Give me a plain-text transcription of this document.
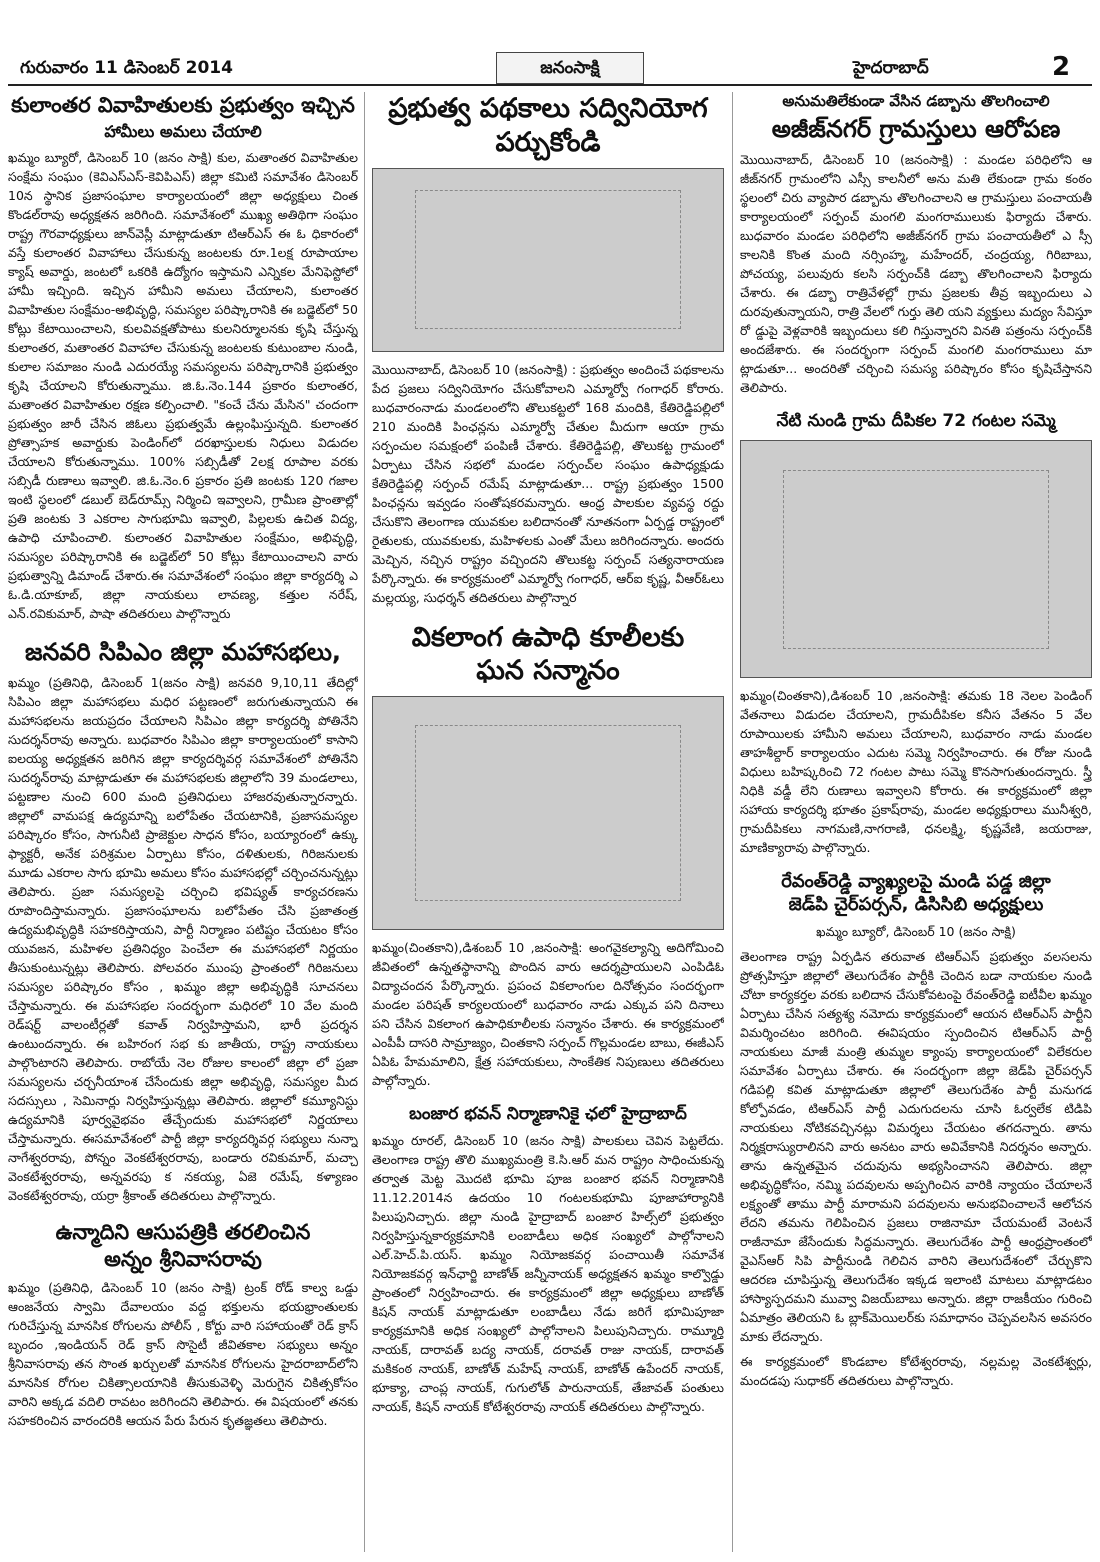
గురువారం 11 డిసెంబర్ 2014	జనంసాక్షి	హైదరాబాద్	2
కులాంతర వివాహితులకు ప్రభుత్వం ఇచ్చిన
హామీలు అమలు చేయాలి

ఖమ్మం బ్యూరో, డిసెంబర్ 10 (జనం సాక్షి) కుల, మతాంతర వివాహితుల సంక్షేమ సంఘం (కెవిఎస్ఎస్-కెవిపిఎస్) జిల్లా కమిటి సమావేశం డిసెంబర్ 10న స్థానిక ప్రజాసంఘాల కార్యాలయంలో జిల్లా అధ్యక్షులు చింత కొండల్‌రావు అధ్యక్షతన జరిగింది. సమావేశంలో ముఖ్య అతిథిగా సంఘం రాష్ట్ర గౌరవాధ్యక్షులు జాన్‌వెస్లీ మాట్లాడుతూ టిఆర్ఎస్ ఈ ఓ ధికారంలో వస్తే కులాంతర వివాహాలు చేసుకున్న జంటలకు రూ.1లక్ష రూపాయాల క్యాష్ అవార్డు, జంటలో ఒకరికి ఉద్యోగం ఇస్తామని ఎన్నికల మేనిఫెస్టోలో హామీ ఇచ్చింది. ఇచ్చిన హామీని అమలు చేయాలని, కులాంతర వివాహితుల సంక్షేమం-అభివృద్ధి, సమస్యల పరిష్కారానికి ఈ బడ్జెట్‌లో 50 కోట్లు కేటాయించాలని, కులవివక్షతోపాటు కులనిర్మూలనకు కృషి చేస్తున్న కులాంతర, మతాంతర వివాహాల చేసుకున్న జంటలకు కుటుంబాల నుండి, కులాల సమాజం నుండి ఎదురయ్యే సమస్యలను పరిష్కారానికి ప్రభుత్వం కృషి చేయాలని కోరుతున్నాము. జి.ఓ.నెం.144 ప్రకారం కులాంతర, మతాంతర వివాహితుల రక్షణ కల్పించాలి. "కంచే చేను మేసిన" చందంగా ప్రభుత్వం జారీ చేసిన జిఓలు ప్రభుత్వమే ఉల్లంఘిస్తున్నది. కులాంతర ప్రోత్సాహక అవార్డుకు పెండింగ్‌లో దరఖాస్తులకు నిధులు విడుదల చేయాలని కోరుతున్నాము. 100% సబ్సిడీతో 2లక్ష రూపాల వరకు సబ్సిడీ రుణాలు ఇవ్వాలి. జి.ఓ.నెం.6 ప్రకారం ప్రతి జంటకు 120 గజాల ఇంటి స్థలంలో డబుల్ బెడ్‌రూమ్స్ నిర్మించి ఇవ్వాలని, గ్రామీణ ప్రాంతాల్లో ప్రతి జంటకు 3 ఎకరాల సాగుభూమి ఇవ్వాలి, పిల్లలకు ఉచిత విద్య, ఉపాధి చూపించాలి. కులాంతర వివాహితుల సంక్షేమం, అభివృద్ధి, సమస్యల పరిష్కారానికి ఈ బడ్జెట్‌లో 50 కోట్లు కేటాయించాలని వారు ప్రభుత్వాన్ని డిమాండ్ చేశారు.ఈ సమావేశంలో సంఘం జిల్లా కార్యదర్శి ఎ ఓ.డి.యాకూబ్, జిల్లా నాయకులు లావణ్య, కత్తుల నరేష్, ఎన్.రవికుమార్, పాషా తదితరులు పాల్గొన్నారు

జనవరి సిపిఎం జిల్లా మహాసభలు,

ఖమ్మం (ప్రతినిధి, డిసెంబర్ 1(జనం సాక్షి) జనవరి 9,10,11 తేదిల్లో సిపిఎం జిల్లా మహాసభలు మధిర పట్టణంలో జరుగుతున్నాయని ఈ మహాసభలను జయప్రదం చేయాలని సిపిఎం జిల్లా కార్యదర్శి పోతినేని సుదర్శన్‌రావు అన్నారు. బుధవారం సిపిఎం జిల్లా కార్యాలయంలో కాసాని ఐలయ్య అధ్యక్షతన జరిగిన జిల్లా కార్యదర్శివర్గ సమావేశంలో పోతినేని సుదర్శన్‌రావు మాట్లాడుతూ ఈ మహాసభలకు జిల్లాలోని 39 మండలాలు, పట్టణాల నుంచి 600 మంది ప్రతినిధులు హాజరవుతున్నారన్నారు. జిల్లాలో వామపక్ష ఉద్యమాన్ని బలోపేతం చేయటానికి, ప్రజాసమస్యల పరిష్కారం కోసం, సాగునీటి ప్రాజెక్టుల సాధన కోసం, బయ్యారంలో ఉక్కు ఫ్యాక్టరీ, అనేక పరిశ్రమల ఏర్పాటు కోసం, దళితులకు, గిరిజనులకు మూడు ఎకరాల సాగు భూమి అమలు కోసం మహాసభల్లో చర్చించనున్నట్లు తెలిపారు. ప్రజా సమస్యలపై చర్చించి భవిష్యత్ కార్యచరణను రూపొందిస్తామన్నారు. ప్రజాసంఘాలను బలోపేతం చేసి ప్రజాతంత్ర ఉద్యమభివృద్ధికి సహకరిస్తాయని, పార్టీ నిర్మాణం పటిష్టం చేయటం కోసం యువజన, మహిళల ప్రతినిధ్యం పెంచేలా ఈ మహాసభలో నిర్ణయం తీసుకుంటున్నట్లు తెలిపారు. పోలవరం ముంపు ప్రాంతంలో గిరిజనులు సమస్యల పరిష్కారం కోసం , ఖమ్మం జిల్లా అభివృద్ధికి సూచనలు చేస్తామన్నారు. ఈ మహాసభల సందర్భంగా మధిరలో 10 వేల మంది రెడ్‌షర్ట్ వాలంటీర్లతో కవాత్ నిర్వహిస్తామని, భారీ ప్రదర్శన ఉంటుందన్నారు. ఈ బహిరంగ సభ కు జాతీయ, రాష్ట్ర నాయకులు పాల్గొంటారని తెలిపారు. రాబోయే నెల రోజుల కాలంలో జిల్లా లో ప్రజా సమస్యలను చర్చనీయాంశ చేసేందుకు జిల్లా అభివృద్ధి, సమస్యల మీద సదస్సులు , సెమినార్లు నిర్వహిస్తున్నట్లు తెలిపారు. జిల్లాలో కమ్యూనిస్టు ఉద్యమానికి పూర్వవైభవం తేచ్చేందుకు మహాసభలో నిర్ణయాలు చేస్తామన్నారు. ఈసమావేశంలో పార్టీ జిల్లా కార్యదర్శివర్గ సభ్యులు నున్నా నాగేశ్వరరావు, పోన్నం వెంకటేశ్వరరావు, బండారు రవికుమార్, మచ్చా వెంకటేశ్వరరావు, అన్నవరపు క నకయ్య, ఏజె రమేష్, కళ్యాణం వెంకటేశ్వరరావు, యర్రా శ్రీకాంత్ తదితరులు పాల్గొన్నారు.

ఉన్మాదిని ఆసుపత్రికి తరలించిన
అన్నం శ్రీనివాసరావు

ఖమ్మం (ప్రతినిధి, డిసెంబర్ 10 (జనం సాక్షి) ట్రంక్ రోడ్ కాల్వ ఒడ్డు ఆంజనేయ స్వామి దేవాలయం వద్ద భక్తులను భయభ్రాంతులకు గురిచేస్తున్న మానసిక రోగులను పోలీస్ , కోర్టు వారి సహాయంతో రెడ్ క్రాస్ బృందం ,ఇండియన్ రెడ్ క్రాస్ సొసైటీ జీవితకాల సభ్యులు అన్నం శ్రీనివాసరావు తన సొంత ఖర్చులతో మానసిక రోగులను హైదరాబాద్‌లోని మానసిక రోగుల చికిత్సాలయానికి తీసుకువెళ్ళి మెరుగైన చికిత్సకోసం వారిని అక్కడ వదిలి రావటం జరిగిందని తెలిపారు. ఈ విషయంలో తనకు సహకరించిన వారందరికి ఆయన పేరు పేరున కృతజ్ఞతలు తెలిపారు.

ప్రభుత్వ పథకాలు సద్వినియోగ
పర్చుకోండి

మొయినాబాద్, డిసెంబర్ 10 (జనంసాక్షి) : ప్రభుత్వం అందించే పథకాలను పేద ప్రజలు సద్వినియోగం చేసుకోవాలని ఎమ్మార్వో గంగాధర్ కోరారు. బుధవారంనాడు మండలంలోని తొలుకట్టలో 168 మందికి, కేతిరెడ్డిపల్లిలో 210 మందికి పింఛన్లను ఎమ్మార్వో చేతుల మీదుగా ఆయా గ్రామ సర్పంచుల సమక్షంలో పంపిణీ చేశారు. కేతిరెడ్డిపల్లి, తొలుకట్ట గ్రామంలో ఏర్పాటు చేసిన సభలో మండల సర్పంచ్‌ల సంఘం ఉపాధ్యక్షుడు కేతిరెడ్డిపల్లి సర్పంచ్ రమేష్ మాట్లాడుతూ... రాష్ట్ర ప్రభుత్వం 1500 పింఛన్లను ఇవ్వడం సంతోషకరమన్నారు. ఆంధ్ర పాలకుల వ్యవస్థ రద్దు చేసుకొని తెలంగాణ యువకుల బలిదానంతో నూతనంగా ఏర్పడ్డ రాష్ట్రంలో రైతులకు, యువకులకు, మహిళలకు ఎంతో మేలు జరిగిందన్నారు. అందరు మెచ్చిన, నచ్చిన రాష్ట్రం వచ్చిందని తొలుకట్ట సర్పంచ్ సత్యనారాయణ పేర్కొన్నారు. ఈ కార్యక్రమంలో ఎమ్మార్వో గంగాధర్, ఆర్‌ఐ కృష్ణ, వీఆర్‌ఓలు మల్లయ్య, సుధర్శన్ తదితరులు పాల్గొన్నార

వికలాంగ ఉపాధి కూలీలకు
ఘన సన్మానం

ఖమ్మం(చింతకాని),డిశంబర్ 10 ,జనంసాక్షి: అంగవైకల్యాన్ని అదిగోమించి జీవితంలో ఉన్నతస్థానాన్ని పొందిన వారు ఆదర్శప్రాయులని ఎంపిడిఓ విద్యాచందన పేర్కొన్నారు. ప్రపంచ వికలాంగుల దినోత్సవం సందర్భంగా మండల పరిషత్ కార్యలయంలో బుధవారం నాడు ఎక్కువ పని దినాలు పని చేసిన వికలాంగ ఉపాధికూలీలకు సన్మానం చేశారు. ఈ కార్యక్రమంలో ఎంపీపీ దాసరి సామ్రాజ్యం, చింతకాని సర్పంచ్ గొల్లమండల బాబు, ఈజీఎస్ ఏపిఓ హేమమాలిని, క్షేత్ర సహాయకులు, సాంకేతిక నిపుణులు తదితరులు పాల్గోన్నారు.

బంజార భవన్ నిర్మాణానికై ఛలో హైద్రాబాద్

ఖమ్మం రూరల్, డిసెంబర్ 10 (జనం సాక్షి) పాలకులు చెవిన పెట్టలేదు. తెలంగాణ రాష్ట్ర తొలి ముఖ్యమంత్రి కె.సి.ఆర్ మన రాష్ట్రం సాధించుకున్న తర్వాత మెట్ట మొదటి భూమి పూజ బంజార భవన్ నిర్మాణానికి 11.12.2014న ఉదయం 10 గంటలకుభూమి పూజాహార్యానికి పిలుపునిచ్చారు. జిల్లా నుండి హైద్రాబాద్ బంజార హిల్స్‌లో ప్రభుత్వం నిర్వహిస్తున్నకార్యక్రమానికి లంబాడీలు అధిక సంఖ్యలో పాల్గోనాలని ఎల్.హెచ్.పి.యస్. ఖమ్మం నియోజకవర్గ పంచాయితీ సమావేశ నియోజకవర్గ ఇన్‌ఛార్జి బాణోత్ జన్నీనాయక్ అధ్యక్షతన ఖమ్మం కాల్వొడ్డు ప్రాంతంలో నిర్వహించారు. ఈ కార్యక్రమంలో జిల్లా అధ్యక్షులు బాణోత్ కిషన్ నాయక్ మాట్లాడుతూ లంబాడీలు నేడు జరిగే భూమిపూజా కార్యక్రమానికి అధిక సంఖ్యలో పాల్గోనాలని పిలుపునిచ్చారు. రామ్మూర్తి నాయక్, దారావత్ బద్య నాయక్, దరావత్ రాజు నాయక్, దారావత్ మకికంఠ నాయక్, బాణోత్ మహేష్ నాయక్, బాణోత్ ఉపేందర్ నాయక్, భూక్యా, చాంప్ల నాయక్, గుగులోత్ పారునాయక్, తేజావత్ పంతులు నాయక్, కిషన్ నాయక్ కోటేశ్వరరావు నాయక్ తదితరులు పాల్గొన్నారు.

అనుమతిలేకుండా వేసిన డబ్బాను తొలగించాలి
అజీజ్‌నగర్ గ్రామస్తులు ఆరోపణ

మొయినాబాద్, డిసెంబర్ 10 (జనంసాక్షి) : మండల పరిధిలోని ఆ జీజ్‌నగర్ గ్రామంలోని ఎస్సీ కాలనీలో అను మతి లేకుండా గ్రామ కంఠం స్థలంలో చిరు వ్యాపార డబ్బాను తొలగించాలని ఆ గ్రామస్తులు పంచాయతీ కార్యాలయంలో సర్పంచ్ మంగలి మంగరాములుకు ఫిర్యాదు చేశారు. బుధవారం మండల పరిధిలోని అజీజ్‌నగర్ గ్రామ పంచాయతీలో ఎ స్సీ కాలనికి కొంత మంది నర్సింహ్మ, మహేందర్, చంద్రయ్య, గిరిబాబు, పోచయ్య, పలువురు కలసి సర్పంచ్‌కి డబ్బా తొలగించాలని ఫిర్యాదు చేశారు. ఈ డబ్బా రాత్రివేళల్లో గ్రామ ప్రజలకు తీవ్ర ఇబ్బందులు ఎ దురవుతున్నాయని, రాత్రి వేలలో గుర్తు తెలి యని వ్యక్తులు మద్యం సేవిస్తూ రో డ్డుపై వెళ్లవారికి ఇబ్బందులు కలి గిస్తున్నారని వినతి పత్రంను సర్పంచ్‌కి అందజేశారు. ఈ సందర్భంగా సర్పంచ్ మంగలి మంగరాములు మా ట్లాడుతూ... అందరితో చర్చించి సమస్య పరిష్కారం కోసం కృషిచేస్తానని తెలిపారు.

నేటి నుండి గ్రామ దీపికల 72 గంటల సమ్మె

ఖమ్మం(చింతకాని),డిశంబర్ 10 ,జనంసాక్షి: తమకు 18 నెలల పెండింగ్ వేతనాలు విడుదల చేయాలని, గ్రామదీపికల కనీస వేతనం 5 వేల రూపాయిలకు హామీని అమలు చేయాలని, బుధవారం నాడు మండల తాహశీల్దార్ కార్యాలయం ఎదుట సమ్మె నిర్వహించారు. ఈ రోజు నుండి విధులు బహిష్కరించి 72 గంటల పాటు సమ్మె కొనసాగుతుందన్నారు. స్త్రీ నిధికి వడ్డీ లేని రుణాలు ఇవ్వాలని కోరారు. ఈ కార్యక్రమంలో జిల్లా సహాయ కార్యదర్శి భూతం ప్రకాష్‌రావు, మండల అధ్యక్షురాలు మునీశ్వరి, గ్రామదీపికలు నాగమణి,నాగరాణి, ధనలక్ష్మి, కృష్ణవేణి, జయరాజు, మాణిక్యారావు పాల్గొన్నారు.

రేవంత్‌రెడ్డి వ్యాఖ్యలపై మండి పడ్డ జిల్లా
జెడ్‌పి చైర్‌పర్సన్, డిసిసిబి అధ్యక్షులు

ఖమ్మం బ్యూరో, డిసెంబర్ 10 (జనం సాక్షి)

తెలంగాణ రాష్ట్ర ఏర్పడిన తరువాత టిఆర్ఎస్ ప్రభుత్వం వలసలను ప్రోత్సహిస్తూ జిల్లాలో తెలుగుదేశం పార్టీకి చెందిన బడా నాయకుల నుండి చోటా కార్యకర్తల వరకు బలిదాన చేసుకోవటంపై రేవంత్‌రెడ్డి ఐటీవీల ఖమ్మం ఏర్పాటు చేసిన సత్యశ్య నమోదు కార్యక్రమంలో ఆయన టిఆర్ఎస్ పార్టీని విమర్శించటం జరిగింది. ఈవిషయం స్పందించిన టిఆర్ఎస్ పార్టీ నాయకులు మాజీ మంత్రి తుమ్మల క్యాంపు కార్యాలయంలో విలేకరుల సమావేశం ఏర్పాటు చేశారు. ఈ సందర్భంగా జిల్లా జెడ్‌పి చైర్‌పర్సన్ గడిపల్లి కవిత మాట్లాడుతూ జిల్లాలో తెలుగుదేశం పార్టీ మనుగడ కోల్పోవడం, టిఆర్ఎస్ పార్టీ ఎదుగుదలను చూసి ఓర్వలేక టిడిపి నాయకులు నోటికవచ్చినట్లు విమర్శలు చేయటం తగదన్నారు. తాను నిర్మక్షరాస్యురాలినని వారు అనటం వారు అవివేకానికి నిదర్శనం అన్నారు. తాను ఉన్నతమైన చదువును అభ్యసించానని తెలిపారు. జిల్లా అభివృద్ధికోసం, నమ్మి పదవులను అప్పగించిన వారికి న్యాయం చేయాలనే లక్ష్యంతో తాము పార్టీ మారామని పదవులను అనుభవించాలనే ఆలోచన లేదని తమను గెలిపించిన ప్రజలు రాజినామా చేయమంటే వెంటనే రాజీనామా జేసేందుకు సిద్ధమన్నారు. తెలుగుదేశం పార్టీ ఆంధ్రప్రాంతంలో వైఎస్ఆర్ సిపి పార్టీనుండి గెలిచిన వారిని తెలుగుదేశంలో చేర్చుకొని ఆదరణ చూపిస్తున్న తెలుగుదేశం ఇక్కడ ఇలాంటి మాటలు మాట్లాడటం హాస్యాస్పదమని మువ్వా విజయ్‌బాబు అన్నారు. జిల్లా రాజకీయం గురించి ఏమాత్రం తెలియని ఓ బ్లాక్‌మెయిలర్‌కు సమాధానం చెప్పవలసిన అవసరం మాకు లేదన్నారు.

ఈ కార్యక్రమంలో కొండబాల కోటేశ్వరరావు, నల్లమల్ల వెంకటేశ్వర్లు, మందడపు సుధాకర్ తదితరులు పాల్గొన్నారు.
